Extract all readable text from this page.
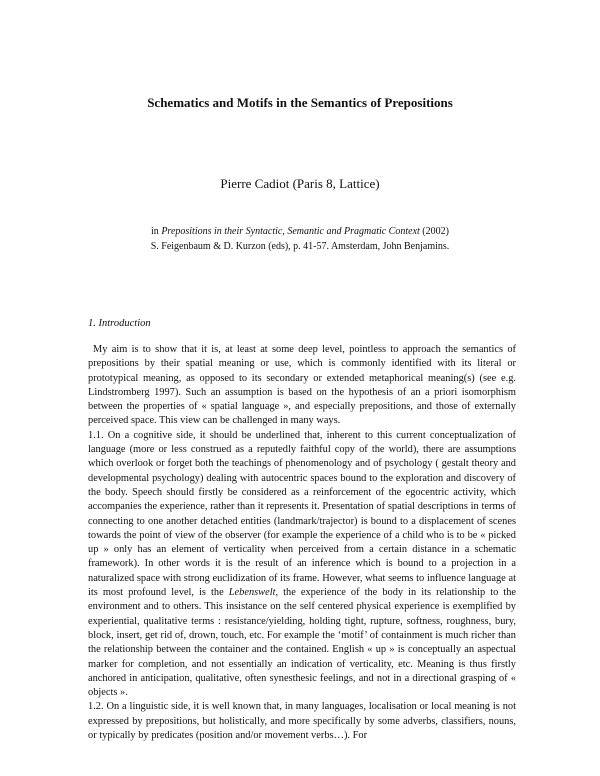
Schematics and Motifs in the Semantics of Prepositions
Pierre Cadiot (Paris 8, Lattice)
in Prepositions in their Syntactic, Semantic and Pragmatic Context (2002)
S. Feigenbaum & D. Kurzon (eds), p. 41-57. Amsterdam, John Benjamins.
1. Introduction

My aim is to show that it is, at least at some deep level, pointless to approach the semantics of prepositions by their spatial meaning or use, which is commonly identified with its literal or prototypical meaning, as opposed to its secondary or extended metaphorical meaning(s) (see e.g. Lindstromberg 1997). Such an assumption is based on the hypothesis of an a priori isomorphism between the properties of « spatial language », and especially prepositions, and those of externally perceived space. This view can be challenged in many ways.

1.1. On a cognitive side, it should be underlined that, inherent to this current conceptualization of language (more or less construed as a reputedly faithful copy of the world), there are assumptions which overlook or forget both the teachings of phenomenology and of psychology ( gestalt theory and developmental psychology) dealing with autocentric spaces bound to the exploration and discovery of the body. Speech should firstly be considered as a reinforcement of the egocentric activity, which accompanies the experience, rather than it represents it. Presentation of spatial descriptions in terms of connecting to one another detached entities (landmark/trajector) is bound to a displacement of scenes towards the point of view of the observer (for example the experience of a child who is to be « picked up » only has an element of verticality when perceived from a certain distance in a schematic framework). In other words it is the result of an inference which is bound to a projection in a naturalized space with strong euclidization of its frame. However, what seems to influence language at its most profound level, is the Lebenswelt, the experience of the body in its relationship to the environment and to others. This insistance on the self centered physical experience is exemplified by experiential, qualitative terms : resistance/yielding, holding tight, rupture, softness, roughness, bury, block, insert, get rid of, drown, touch, etc. For example the ‘motif’ of containment is much richer than the relationship between the container and the contained. English « up » is conceptually an aspectual marker for completion, and not essentially an indication of verticality, etc. Meaning is thus firstly anchored in anticipation, qualitative, often synesthesic feelings, and not in a directional grasping of « objects ».

1.2. On a linguistic side, it is well known that, in many languages, localisation or local meaning is not expressed by prepositions, but holistically, and more specifically by some adverbs, classifiers, nouns, or typically by predicates (position and/or movement verbs…). For
